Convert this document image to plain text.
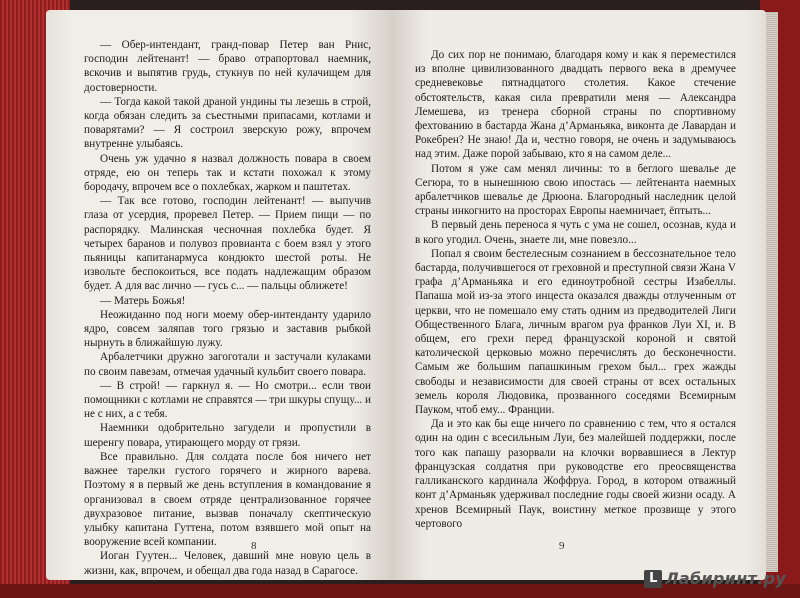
— Обер-интендант, гранд-повар Петер ван Рнис, господин лейтенант! — браво отрапортовал наемник, вскочив и выпятив грудь, стукнув по ней кулачищем для достоверности.

— Тогда какой такой драной ундины ты лезешь в строй, когда обязан следить за съестными припасами, котлами и поварятами? — Я состроил зверскую рожу, впрочем внутренне улыбаясь.

Очень уж удачно я назвал должность повара в своем отряде, ею он теперь так и кстати похожал к этому бородачу, впрочем все о похлебках, жарком и паштетах.

— Так все готово, господин лейтенант! — выпучив глаза от усердия, проревел Петер. — Прием пищи — по распорядку. Малинская чесночная похлебка будет. Я четырех баранов и полувоз провианта с боем взял у этого пьяницы капитанармуса кондюкто шестой роты. Не извольте беспокоиться, все подать надлежащим образом будет. А для вас лично — гусь с... — пальцы оближете!

— Матерь Божья!

Неожиданно под ноги моему обер-интенданту ударило ядро, совсем заляпав того грязью и заставив рыбкой нырнуть в ближайшую лужу.

Арбалетчики дружно загоготали и застучали кулаками по своим павезам, отмечая удачный кульбит своего повара.

— В строй! — гаркнул я. — Но смотри... если твои помощники с котлами не справятся — три шкуры спущу... и не с них, а с тебя.

Наемники одобрительно загудели и пропустили в шеренгу повара, утирающего морду от грязи.

Все правильно. Для солдата после боя ничего нет важнее тарелки густого горячего и жирного варева. Поэтому я в первый же день вступления в командование я организовал в своем отряде централизованное горячее двухразовое питание, вызвав поначалу скептическую улыбку капитана Гуттена, потом взявшего мой опыт на вооружение всей компании.

Иоган Гуутен... Человек, давший мне новую цель в жизни, как, впрочем, и обещал два года назад в Сарагосе.

8

До сих пор не понимаю, благодаря кому и как я переместился из вполне цивилизованного двадцать первого века в дремучее средневековье пятнадцатого столетия. Какое стечение обстоятельств, какая сила превратили меня — Александра Лемешева, из тренера сборной страны по спортивному фехтованию в бастарда Жана д’Арманьяка, виконта де Лавардан и Рокебрен? Не знаю! Да и, честно говоря, не очень и задумываюсь над этим. Даже порой забываю, кто я на самом деле...

Потом я уже сам менял личины: то в беглого шевалье де Сегюра, то в нынешнюю свою ипостась — лейтенанта наемных арбалетчиков шевалье де Дрюона. Благородный наследник целой страны инкогнито на просторах Европы наемничает, ёптыть...

В первый день переноса я чуть с ума не сошел, осознав, куда и в кого угодил. Очень, знаете ли, мне повезло...

Попал я своим бестелесным сознанием в бессознательное тело бастарда, получившегося от греховной и преступной связи Жана V графа д’Арманьяка и его единоутробной сестры Изабеллы. Папаша мой из-за этого инцеста оказался дважды отлученным от церкви, что не помешало ему стать одним из предводителей Лиги Общественного Блага, личным врагом руа франков Луи XI, и. В общем, его грехи перед французской короной и святой католической церковью можно перечислять до бесконечности. Самым же большим папашкиным грехом был... грех жажды свободы и независимости для своей страны от всех остальных земель короля Людовика, прозванного соседями Всемирным Пауком, чтоб ему... Франции.

Да и это как бы еще ничего по сравнению с тем, что я остался один на один с всесильным Луи, без малейшей поддержки, после того как папашу разорвали на клочки ворвавшиеся в Лектур французская солдатня при руководстве его преосвященства галликанского кардинала Жоффруа. Город, в котором отважный конт д’Арманьяк удерживал последние годы своей жизни осаду. А хренов Всемирный Паук, воистину меткое прозвище у этого чертового

9
L Лабиринт.ру
